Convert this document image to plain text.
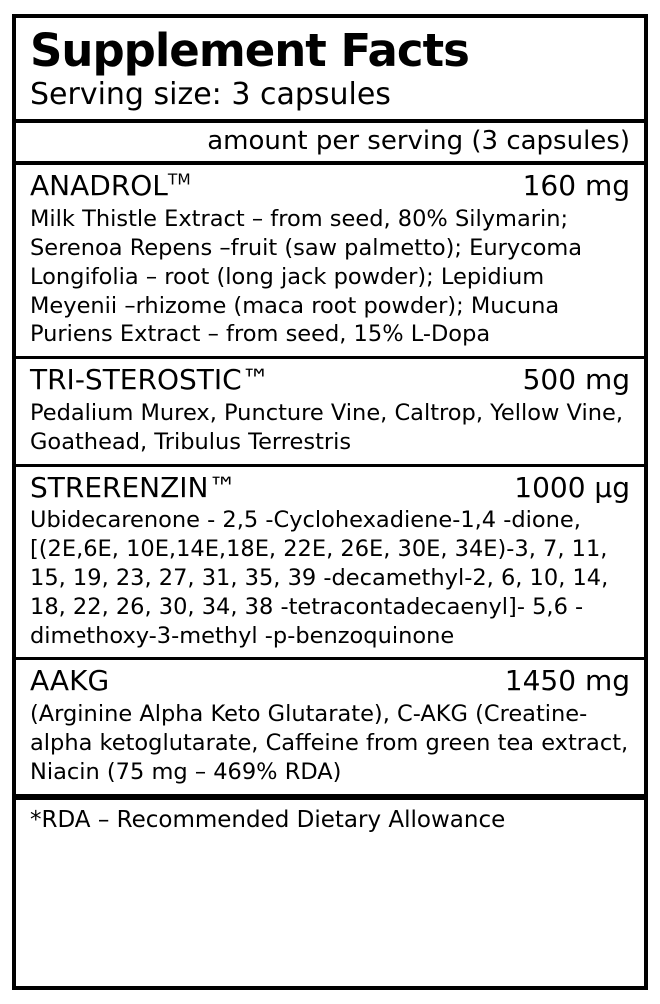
Supplement Facts
Serving size: 3 capsules
amount per serving (3 capsules)
ANADROL™	160 mg
Milk Thistle Extract – from seed, 80% Silymarin; Serenoa Repens –fruit (saw palmetto); Eurycoma Longifolia – root (long jack powder); Lepidium Meyenii –rhizome (maca root powder); Mucuna Puriens Extract – from seed, 15% L-Dopa
TRI-STEROSTIC™	500 mg
Pedalium Murex, Puncture Vine, Caltrop, Yellow Vine, Goathead, Tribulus Terrestris
STRERENZIN™	1000 µg
Ubidecarenone - 2,5 -Cyclohexadiene-1,4 -dione, [(2E,6E, 10E,14E,18E, 22E, 26E, 30E, 34E)-3, 7, 11, 15, 19, 23, 27, 31, 35, 39 -decamethyl-2, 6, 10, 14, 18, 22, 26, 30, 34, 38 -tetracontadecaenyl]- 5,6 -dimethoxy-3-methyl -p-benzoquinone
AAKG	1450 mg
(Arginine Alpha Keto Glutarate), C-AKG (Creatine-alpha ketoglutarate, Caffeine from green tea extract, Niacin (75 mg – 469% RDA)
*RDA – Recommended Dietary Allowance
